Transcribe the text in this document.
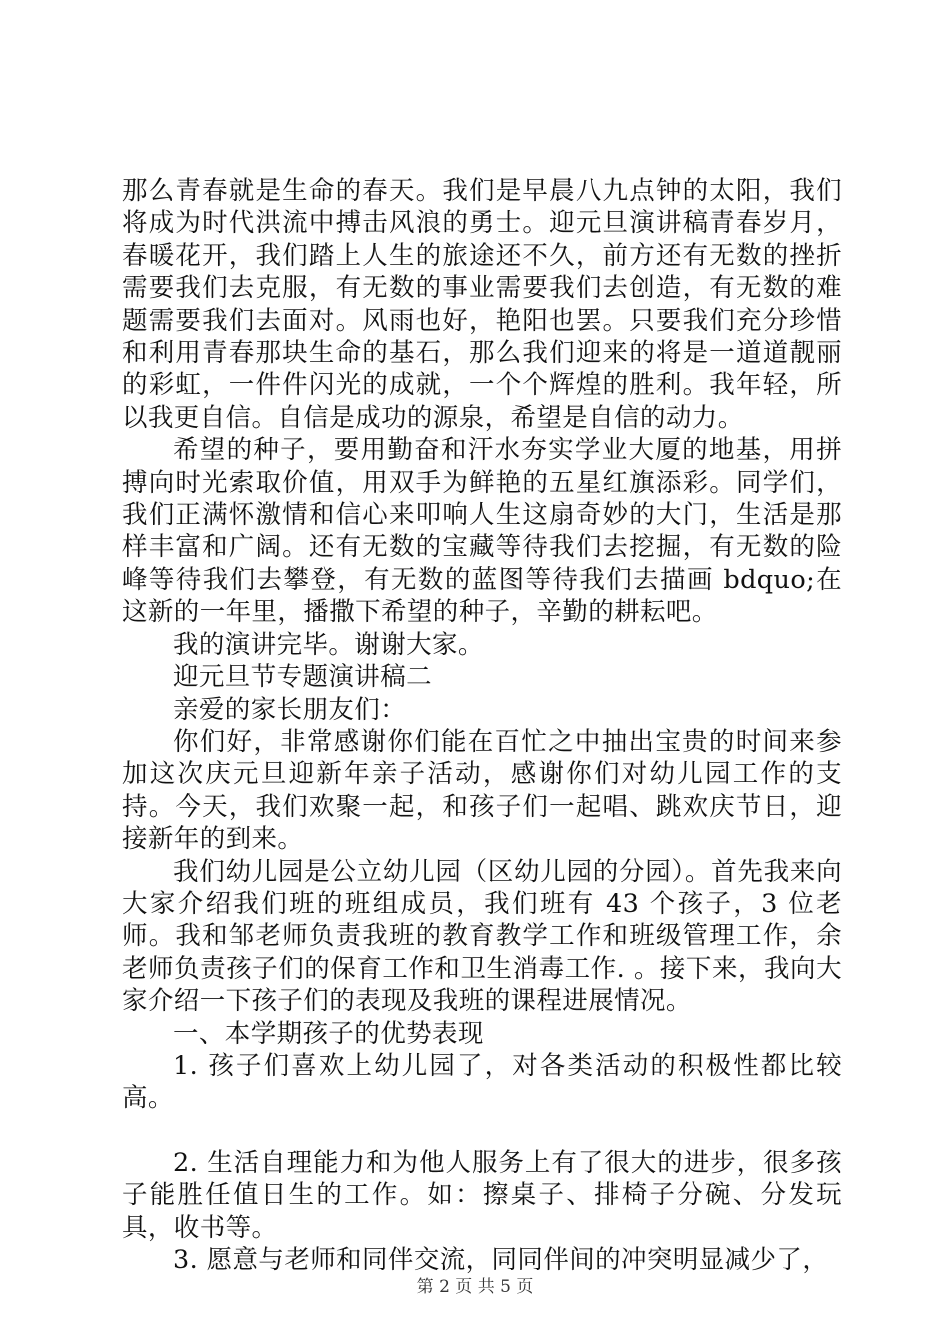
那么青春就是生命的春天。我们是早晨八九点钟的太阳，我们将成为时代洪流中搏击风浪的勇士。迎元旦演讲稿青春岁月，春暖花开，我们踏上人生的旅途还不久，前方还有无数的挫折需要我们去克服，有无数的事业需要我们去创造，有无数的难题需要我们去面对。风雨也好，艳阳也罢。只要我们充分珍惜和利用青春那块生命的基石，那么我们迎来的将是一道道靓丽的彩虹，一件件闪光的成就，一个个辉煌的胜利。我年轻，所以我更自信。自信是成功的源泉，希望是自信的动力。

希望的种子，要用勤奋和汗水夯实学业大厦的地基，用拼搏向时光索取价值，用双手为鲜艳的五星红旗添彩。同学们，我们正满怀激情和信心来叩响人生这扇奇妙的大门，生活是那样丰富和广阔。还有无数的宝藏等待我们去挖掘，有无数的险峰等待我们去攀登，有无数的蓝图等待我们去描画 bdquo;在这新的一年里，播撒下希望的种子，辛勤的耕耘吧。

我的演讲完毕。谢谢大家。

迎元旦节专题演讲稿二

亲爱的家长朋友们：

你们好，非常感谢你们能在百忙之中抽出宝贵的时间来参加这次庆元旦迎新年亲子活动，感谢你们对幼儿园工作的支持。今天，我们欢聚一起，和孩子们一起唱、跳欢庆节日，迎接新年的到来。

我们幼儿园是公立幼儿园（区幼儿园的分园）。首先我来向大家介绍我们班的班组成员，我们班有 43 个孩子，3 位老师。我和邹老师负责我班的教育教学工作和班级管理工作，余老师负责孩子们的保育工作和卫生消毒工作. 。接下来，我向大家介绍一下孩子们的表现及我班的课程进展情况。

一、本学期孩子的优势表现

1. 孩子们喜欢上幼儿园了，对各类活动的积极性都比较高。

2. 生活自理能力和为他人服务上有了很大的进步，很多孩子能胜任值日生的工作。如：擦桌子、排椅子分碗、分发玩具，收书等。

3. 愿意与老师和同伴交流，同同伴间的冲突明显减少了，

第 2 页 共 5 页
